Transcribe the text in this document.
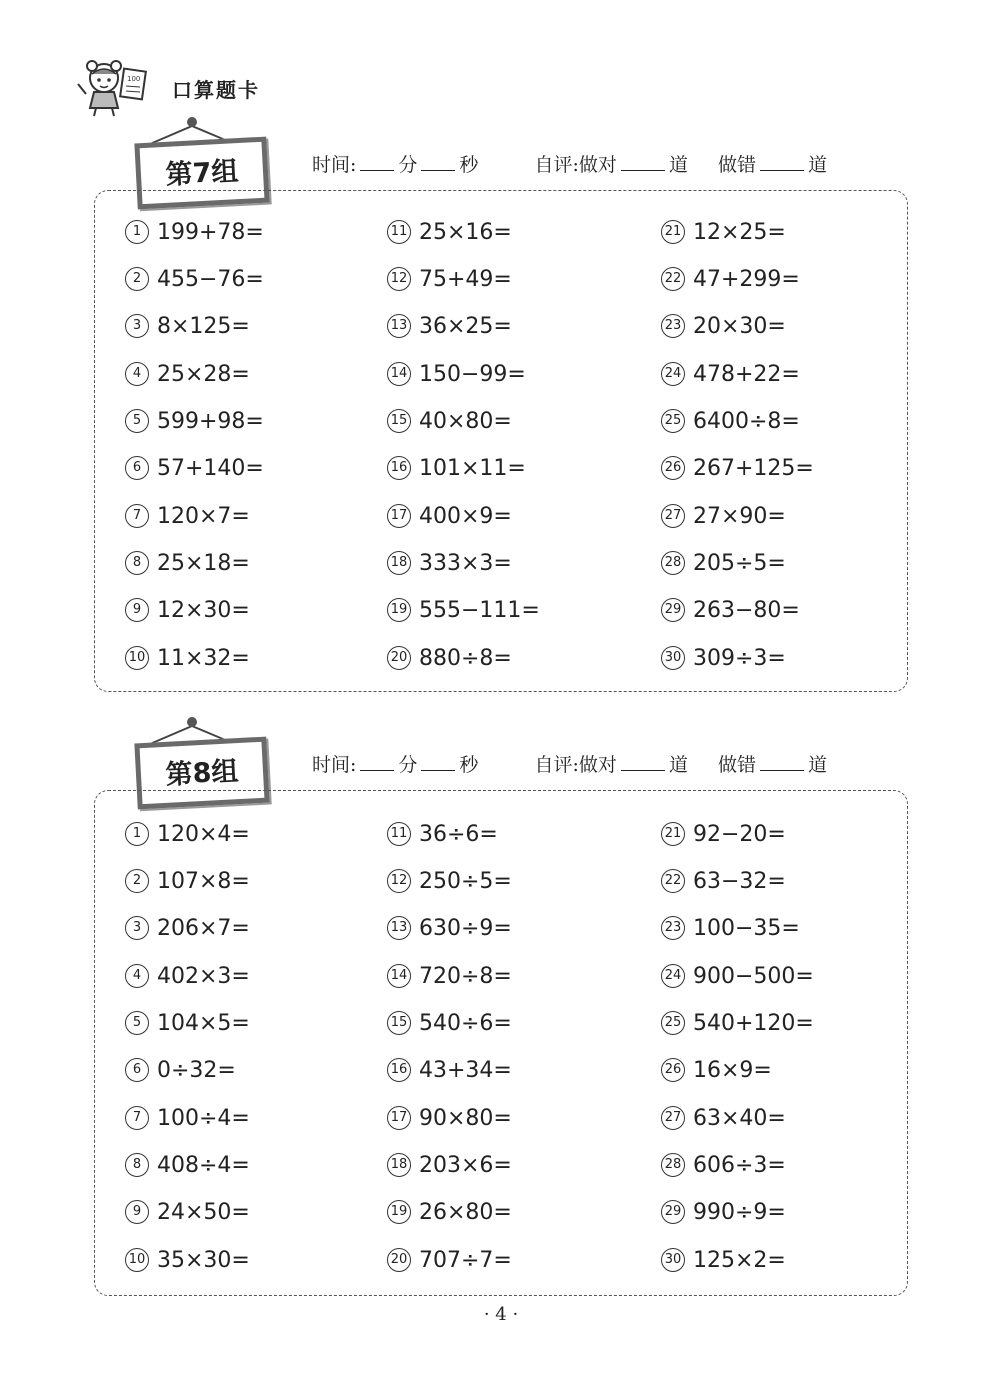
100 口算题卡
第7组	时间: 分 秒	自评:做对	道 做错	道
1 199+78=
2 455−76=
3 8×125=
4 25×28=
5 599+98=
6 57+140=
7 120×7=
8 25×18=
9 12×30=
10 11×32=
11 25×16=
12 75+49=
13 36×25=
14 150−99=
15 40×80=
16 101×11=
17 400×9=
18 333×3=
19 555−111=
20 880÷8=
21 12×25=
22 47+299=
23 20×30=
24 478+22=
25 6400÷8=
26 267+125=
27 27×90=
28 205÷5=
29 263−80=
30 309÷3=
第8组	时间: 分 秒	自评:做对	道 做错	道
1 120×4=
2 107×8=
3 206×7=
4 402×3=
5 104×5=
6 0÷32=
7 100÷4=
8 408÷4=
9 24×50=
10 35×30=
11 36÷6=
12 250÷5=
13 630÷9=
14 720÷8=
15 540÷6=
16 43+34=
17 90×80=
18 203×6=
19 26×80=
20 707÷7=
21 92−20=
22 63−32=
23 100−35=
24 900−500=
25 540+120=
26 16×9=
27 63×40=
28 606÷3=
29 990÷9=
30 125×2=
· 4 ·
